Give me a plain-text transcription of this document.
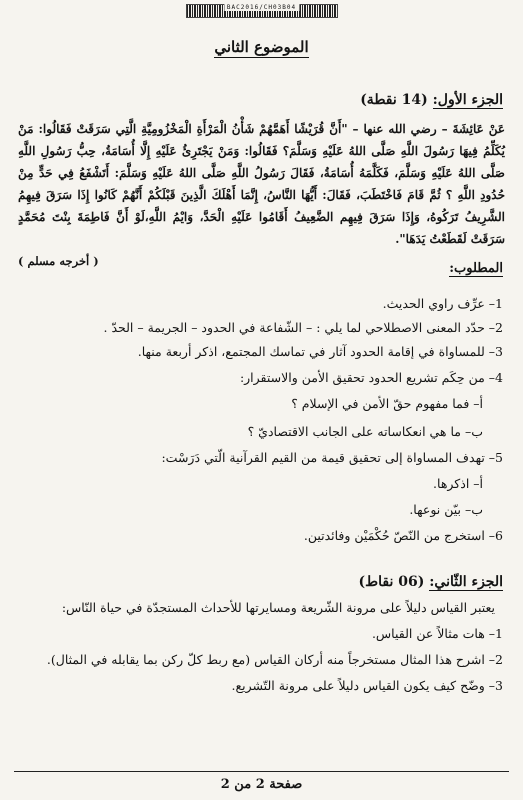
BAC2016/CH03B04
الموضوع الثاني
الجزء الأول: (14 نقطة)
عَنْ عَائِشَةَ – رضي الله عنها – "أَنَّ قُرَيْشًا أَهَمَّهُمْ شَأْنُ الْمَرْأَةِ الْمَخْزُومِيَّةِ الَّتِي سَرَقَتْ فَقَالُوا: مَنْ يُكَلِّمُ فِيهَا رَسُولَ اللَّهِ صَلَّى اللهُ عَلَيْهِ وَسَلَّمَ؟ فَقَالُوا: وَمَنْ يَجْتَرِئُ عَلَيْهِ إِلَّا أُسَامَةُ، حِبُّ رَسُولِ اللَّهِ صَلَّى اللهُ عَلَيْهِ وَسَلَّمَ، فَكَلَّمَهُ أُسَامَةُ، فَقَالَ رَسُولُ اللَّهِ صَلَّى اللهُ عَلَيْهِ وَسَلَّمَ: أَتَشْفَعُ فِي حَدٍّ مِنْ حُدُودِ اللَّهِ ؟ ثُمَّ قَامَ فَاخْتَطَبَ، فَقَالَ: أَيُّهَا النَّاسُ، إِنَّمَا أَهْلَكَ الَّذِينَ قَبْلَكُمْ أَنَّهُمْ كَانُوا إِذَا سَرَقَ فِيهِمُ الشَّرِيفُ تَرَكُوهُ، وَإِذَا سَرَقَ فِيهِم الضَّعِيفُ أَقَامُوا عَلَيْهِ الْحَدَّ، وَايْمُ اللَّهِ،لَوْ أَنَّ فَاطِمَةَ بِنْتَ مُحَمَّدٍ سَرَقَتْ لَقَطَعْتُ يَدَهَا".
( أخرجه مسلم )	المطلوب:
1– عرِّف راوي الحديث.
2– حدّد المعنى الاصطلاحي لما يلي : – الشّفاعة في الحدود – الجريمة – الحدّ .
3– للمساواة في إقامة الحدود آثار في تماسك المجتمع، اذكر أربعة منها.
4– من حِكَم تشريع الحدود تحقيق الأمن والاستقرار:
أ– فما مفهوم حقّ الأمن في الإسلام ؟
ب– ما هي انعكاساته على الجانب الاقتصاديّ ؟
5– تهدف المساواة إلى تحقيق قيمة من القيم القرآنية الّتي دَرَسْت:
أ– اذكرها.
ب– بيّن نوعها.
6– استخرج من النّصّ حُكْمَيْن وفائدتين.
الجزء الثّاني: (06 نقاط)
يعتبر القياس دليلاً على مرونة الشّريعة ومسايرتها للأحداث المستجدّة في حياة النّاس:
1– هات مثالاً عن القياس.
2– اشرح هذا المثال مستخرجاً منه أركان القياس (مع ربط كلّ ركن بما يقابله في المثال).
3– وضّح كيف يكون القياس دليلاً على مرونة التّشريع.
صفحة 2 من 2
